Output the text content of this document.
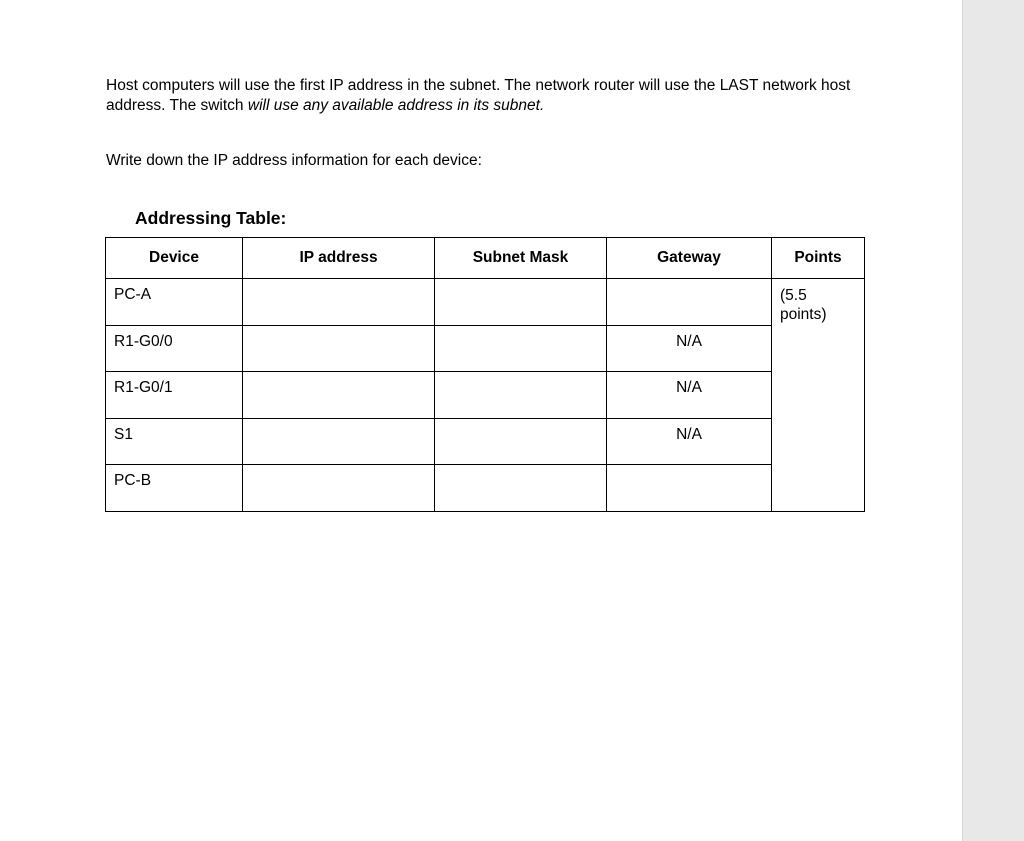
Host computers will use the first IP address in the subnet. The network router will use the LAST network host address. The switch will use any available address in its subnet.

Write down the IP address information for each device:

Addressing Table:
Device	IP address	Subnet Mask	Gateway	Points
PC-A				(5.5
points)
R1-G0/0			N/A	
R1-G0/1			N/A	
S1			N/A	
PC-B				
